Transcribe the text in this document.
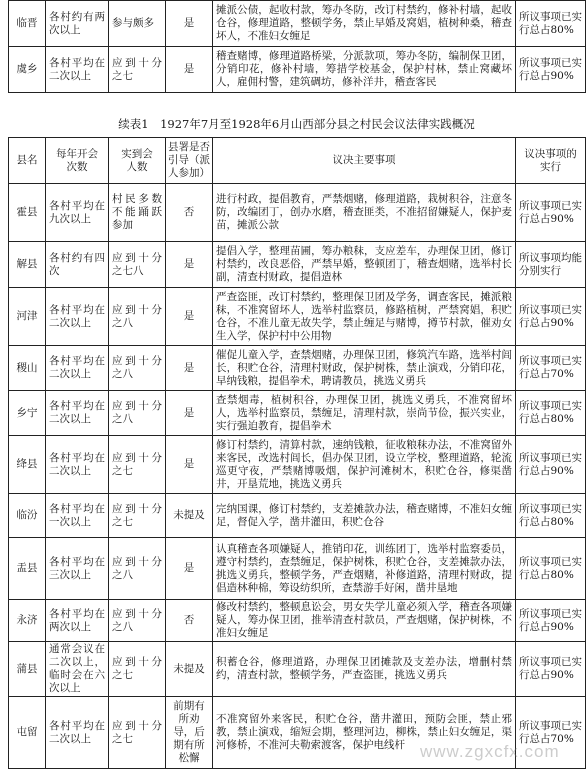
临晋	各村约有两次以上	参与颇多	是	摊派公债，起收村款，筹办冬防，改订村禁约，修补村墙，起收仓谷，修理道路，整顿学务，禁止早婚及窝娼，植树种桑，稽查坏人，不准妇女缠足	所议事项已实行总占80%
虞乡	各村平均在二次以上	应到十分之七	是	稽查赌博，修理道路桥梁，分派款项，筹办冬防，编制保卫团，分销印花，修补村墙，筹措学校基金，保护村林，禁止窝藏坏人，雇佣村警，建筑碉坊，修补洋井，稽查客民	所议事项已实行总占90%
续表1　1927年7月至1928年6月山西部分县之村民会议法律实践概况
县名	每年开会次数	实到会人数	县署是否引导（派人参加）	议决主要事项	议决事项的实行
霍县	各村平均在九次以上	村民多数不能踊跃参加	否	进行村政，提倡教育，严禁烟赌，修理道路，栽树积谷，注意冬防，改编团丁，创办水磨，稽查匪类，不准招留嫌疑人，保护麦苗，摊派公款	所议事项已实行总占90%
解县	各村约有四次	应到十分之七八	是	提倡入学，整理苗圃，筹办粮秣，支应差车，办理保卫团，修订村禁约，改良恶俗，严禁早婚，整顿团丁，稽查烟赌，选举村长副，清查村财政，提倡造林	所议事项均能分别实行
河津	各村平均在二次以上	应到十分之八	是	严查盗匪，改订村禁约，整理保卫团及学务，调查客民，摊派粮秣，不准窝留坏人，选举村监察员，修路植树，严禁窝娼，积贮仓谷，不准儿童无故失学，禁止缠足与赌博，撙节村款，催劝女生入学，保护村中公用物	所议事项已实行总占90%
稷山	各村平均在二次以上	应到十分之八	是	催促儿童入学，查禁烟赌，办理保卫团，修筑汽车路，选举村闾长，积贮仓谷，清理村财政，保护树株，禁止演戏，分销印花，早纳钱粮，提倡拳术，聘请教员，挑选义勇兵	所议事项已实行总占70%
乡宁	各村平均在二次以上	应到十分之八	是	查禁烟毒，植树积谷，办理保卫团，挑选义勇兵，不准窝留坏人，选举村监察员，禁缠足，清理村款，崇尚节俭，振兴实业，实行强迫教育，提倡拳术	所议事项已实行总占80%
绛县	各村平均在二次以上	应到十分之七	是	修订村禁约，清算村款，速纳钱粮，征收粮秣办法，不准窝留外来客民，改选村闾长，倡办保卫团，设立学校，整理道路，轮流巡更守夜，严禁赌博吸烟，保护河滩树木，积贮仓谷，修渠凿井，开垦荒地，挑选义勇兵	所议事项已实行总占90%
临汾	各村平均在一次以上	应到十分之七	未提及	完纳国课，修订村禁约，支差摊款办法，稽查赌博，不准妇女缠足，督促入学，凿井灌田，积贮仓谷	所议事项已实行总占80%
盂县	各村平均在三次以上	应到十分之八	是	认真稽查各项嫌疑人，推销印花，训练团丁，选举村监察委员，遵守村禁约，查禁缠足，保护树株，积贮仓谷，支差摊款办法，挑选义勇兵，整顿学务，严查烟赌，补修道路，清理村财政，提倡造林种棉，筹设纺织所，查禁游手好闲，凿井垦地	所议事项已实行总占80%
永济	各村平均在两次以上	应到十分之八	否	修改村禁约，整顿息讼会，男女失学儿童必须入学，稽查各项嫌疑人，筹办保卫团，推举清查村款员，严查烟赌，保护树株，不准妇女缠足	所议事项已实行总占90%
蒲县	通常会议在二次以上，临时会在六次以上	应到十分之七	未提及	积蓄仓谷，修理道路，办理保卫团摊款及支差办法，增删村禁约，清查村款，整顿学务，严查盗匪，挑选义勇兵	所议事项已实行总占90%
屯留	各村平均在二次以上	应到十分之七	前期有所劝导，后期有所松懈	不准窝留外来客民，积贮仓谷，凿井灌田，预防会匪，禁止邪教，禁止演戏，缩短会期，整理河边，柳株，禁止妇女缠足，渠河修桥，不准河夫勒索渡客，保护电线杆	所议事项已实行总占70%
www.zgxcfx.com
